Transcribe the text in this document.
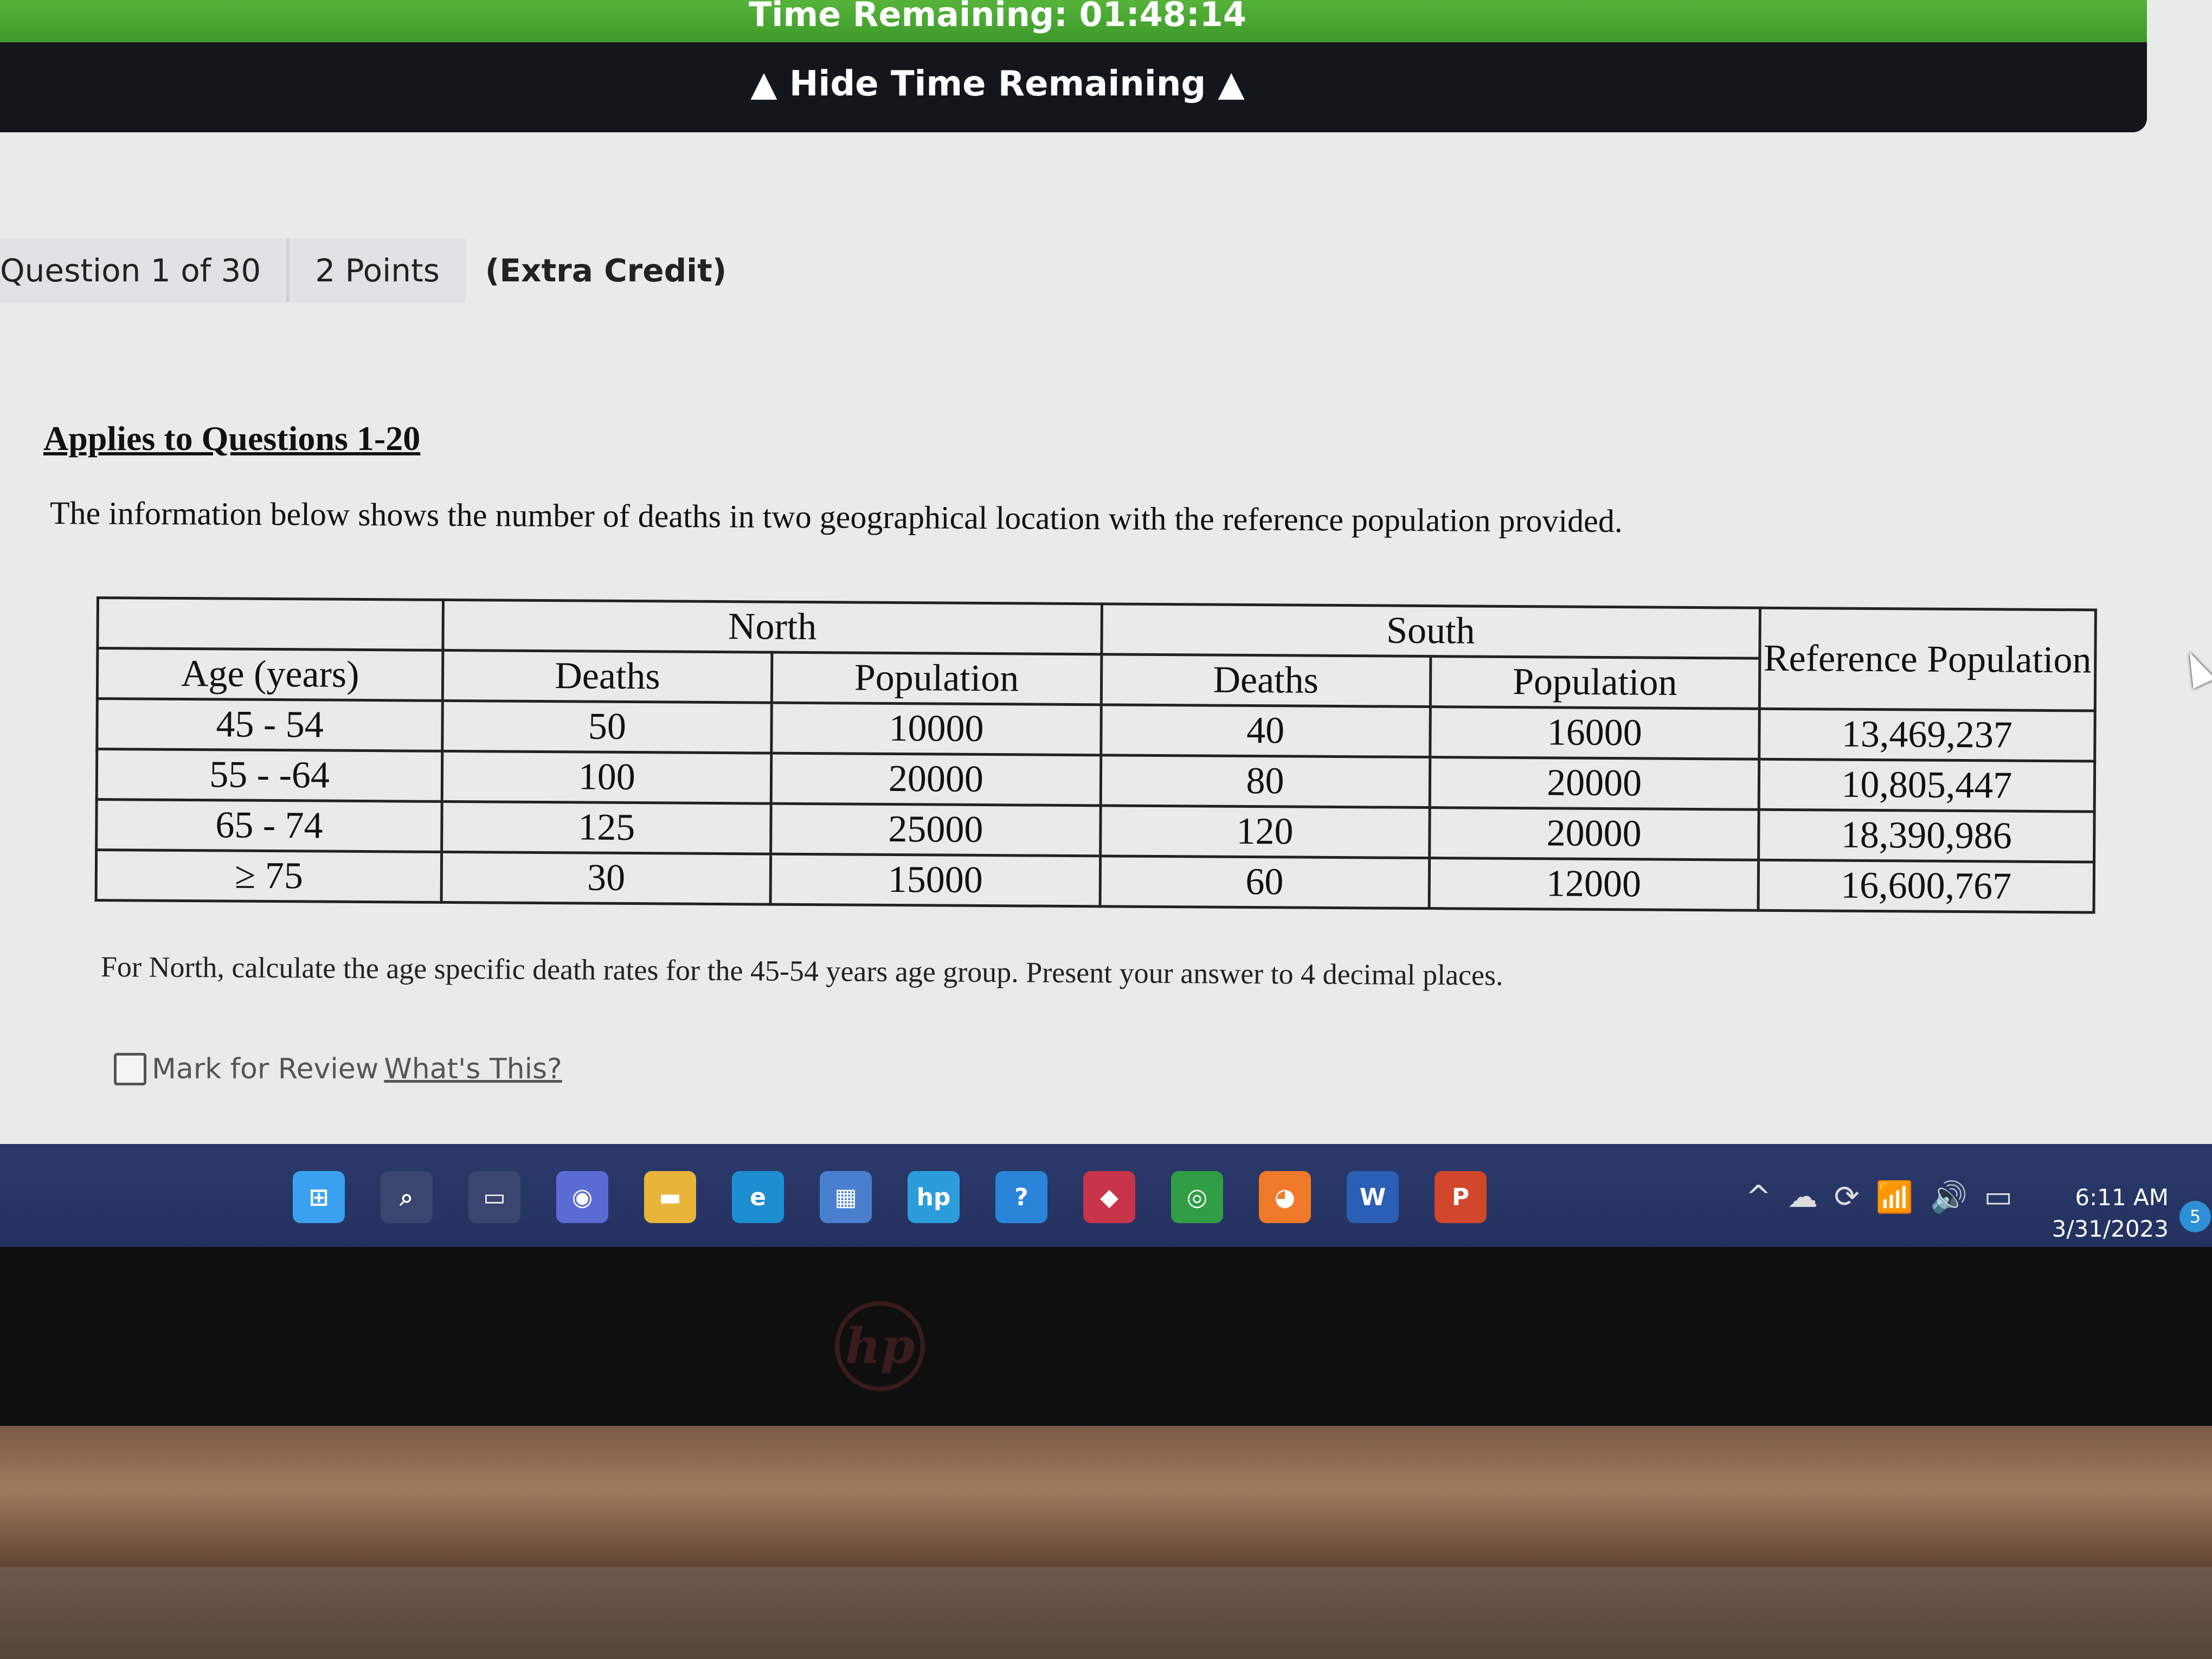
Time Remaining: 01:48:14
▲ Hide Time Remaining ▲
Question 1 of 30	2 Points	(Extra Credit)
Applies to Questions 1-20
The information below shows the number of deaths in two geographical location with the reference population provided.
	North		South		Reference Population
Age (years)	Deaths	Population	Deaths	Population	
45 - 54	50	10000	40	16000	13,469,237
55 - -64	100	20000	80	20000	10,805,447
65 - 74	125	25000	120	20000	18,390,986
≥ 75	30	15000	60	12000	16,600,767
For North, calculate the age specific death rates for the 45-54 years age group. Present your answer to 4 decimal places.
Mark for Review What's This?
⊞	⌕	▭	◉	▬	e	▦	hp	?	◆	◎	◕	W	P	^ ☁ ⟳ 📶 🔊 ▭	6:11 AM
3/31/2023	5
hp
